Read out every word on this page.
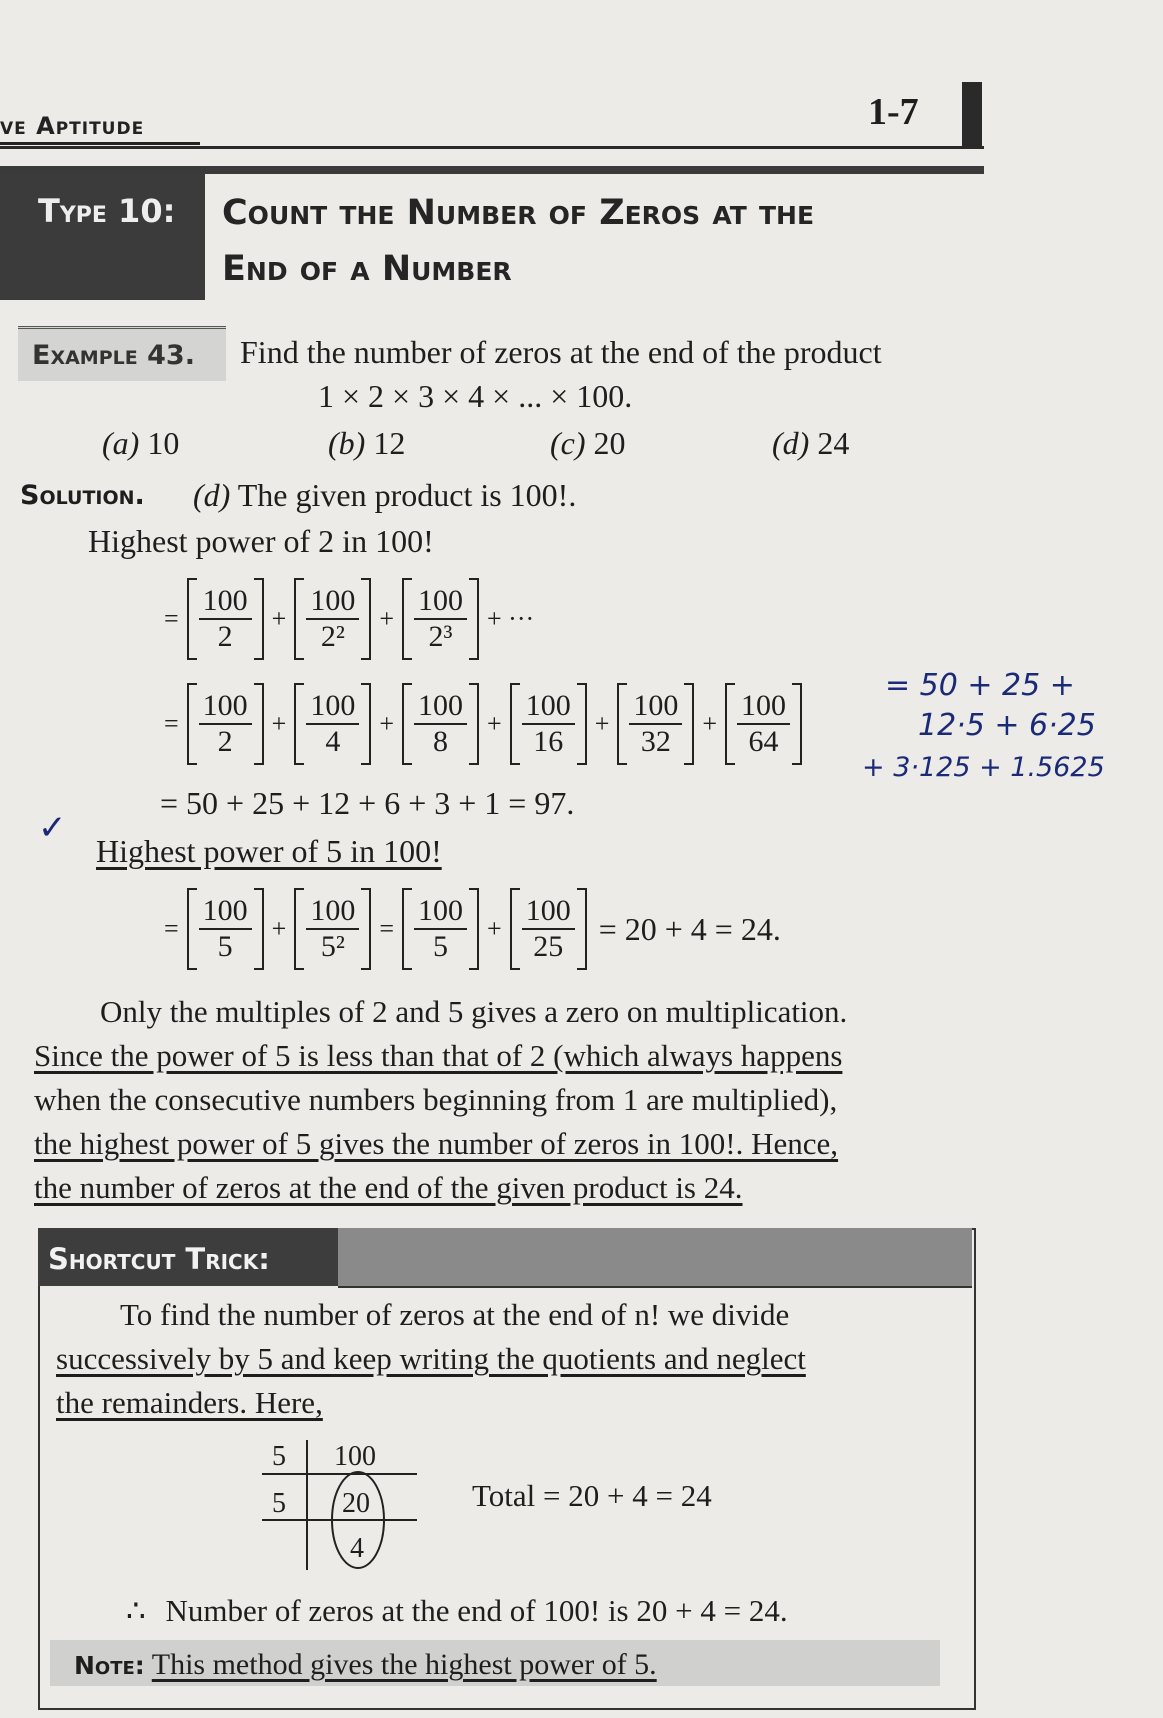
ve Aptitude	1-7
Type 10: Count the Number of Zeros at the
End of a Number
Example 43. Find the number of zeros at the end of the product
1 × 2 × 3 × 4 × ... × 100.
(a) 10	(b) 12	(c) 20	(d) 24
Solution. (d) The given product is 100!.
Highest power of 2 in 100!
= $\frac{100}{2} + \frac{100}{\text{2²}} + \frac{100}{\text{2³}}$ + ···
= $\frac{100}{2} + \frac{100}{4} + \frac{100}{8} + \frac{100}{16} + \frac{100}{32} + \frac{100}{64}$
= 50 + 25 +
12·5 + 6·25
+ 3·125 + 1.5625
= 50 + 25 + 12 + 6 + 3 + 1 = 97.
✓
Highest power of 5 in 100!
= $\frac{100}{5} + \frac{100}{\text{5²}} = \frac{100}{5} + \frac{100}{25} = 20 + 4 = 24$.

Only the multiples of 2 and 5 gives a zero on multiplication.

Since the power of 5 is less than that of 2 (which always happens

when the consecutive numbers beginning from 1 are multiplied),

the highest power of 5 gives the number of zeros in 100!. Hence,

the number of zeros at the end of the given product is 24.

Shortcut Trick:
To find the number of zeros at the end of n! we divide
successively by 5 and keep writing the quotients and neglect
the remainders. Here,
5 100
5 20
4
Total = 20 + 4 = 24
∴ Number of zeros at the end of 100! is 20 + 4 = 24.
Note: This method gives the highest power of 5.
